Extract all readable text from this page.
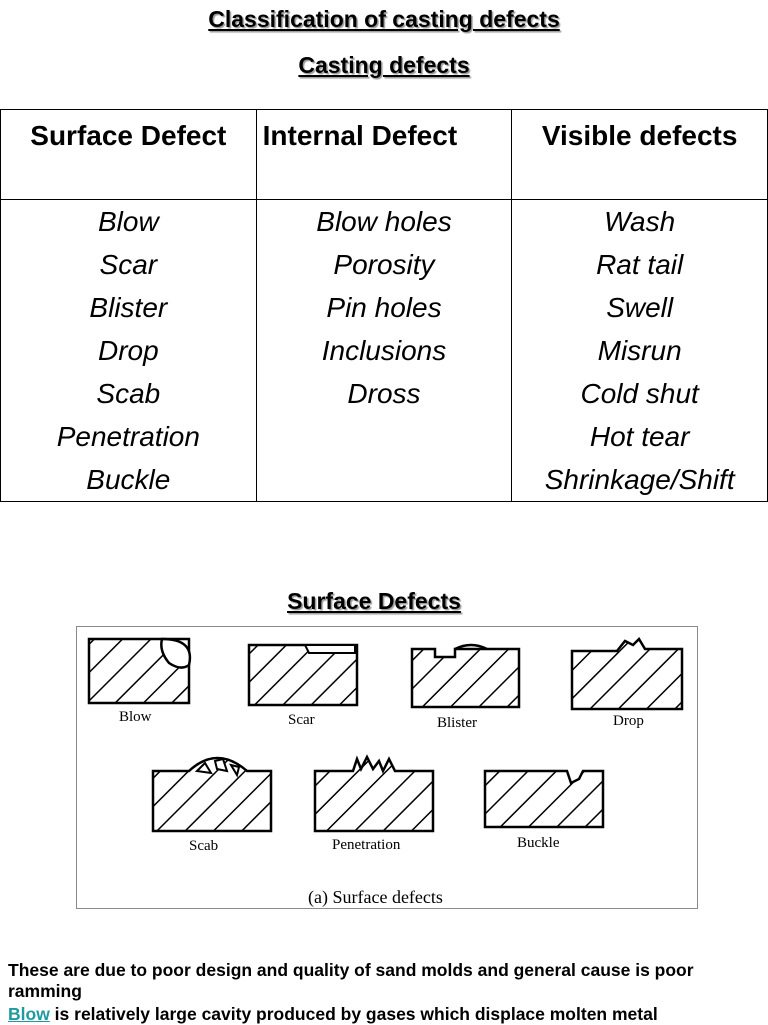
Classification of casting defects
Casting defects
Surface Defect	Internal Defect	Visible defects
Blow	Blow holes	Wash
Scar	Porosity	Rat tail
Blister	Pin holes	Swell
Drop	Inclusions	Misrun
Scab	Dross	Cold shut
Penetration		Hot tear
Buckle		Shrinkage/Shift
Surface Defects
Blow	Scar	Blister	Drop
Scab	Penetration	Buckle
(a) Surface defects
These are due to poor design and quality of sand molds and general cause is poor ramming
Blow is relatively large cavity produced by gases which displace molten metal
